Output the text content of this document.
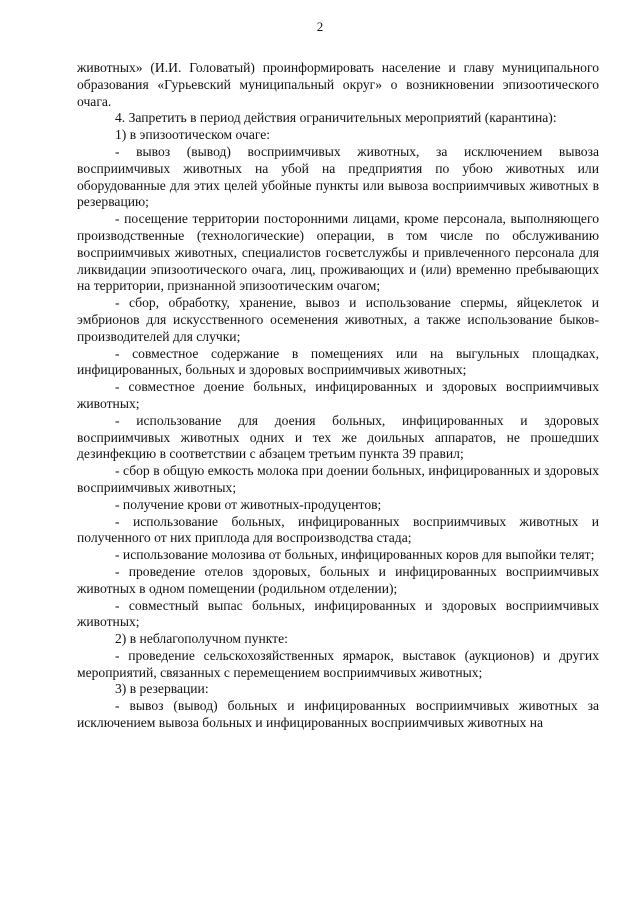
2

животных» (И.И. Головатый) проинформировать население и главу муниципального образования «Гурьевский муниципальный округ» о возникновении эпизоотического очага.

4. Запретить в период действия ограничительных мероприятий (карантина):

1) в эпизоотическом очаге:

- вывоз (вывод) восприимчивых животных, за исключением вывоза восприимчивых животных на убой на предприятия по убою животных или оборудованные для этих целей убойные пункты или вывоза восприимчивых животных в резервацию;

- посещение территории посторонними лицами, кроме персонала, выполняющего производственные (технологические) операции, в том числе по обслуживанию восприимчивых животных, специалистов госветслужбы и привлеченного персонала для ликвидации эпизоотического очага, лиц, проживающих и (или) временно пребывающих на территории, признанной эпизоотическим очагом;

- сбор, обработку, хранение, вывоз и использование спермы, яйцеклеток и эмбрионов для искусственного осеменения животных, а также использование быков-производителей для случки;

- совместное содержание в помещениях или на выгульных площадках, инфицированных, больных и здоровых восприимчивых животных;

- совместное доение больных, инфицированных и здоровых восприимчивых животных;

- использование для доения больных, инфицированных и здоровых восприимчивых животных одних и тех же доильных аппаратов, не прошедших дезинфекцию в соответствии с абзацем третьим пункта 39 правил;

- сбор в общую емкость молока при доении больных, инфицированных и здоровых восприимчивых животных;

- получение крови от животных-продуцентов;

- использование больных, инфицированных восприимчивых животных и полученного от них приплода для воспроизводства стада;

- использование молозива от больных, инфицированных коров для выпойки телят;

- проведение отелов здоровых, больных и инфицированных восприимчивых животных в одном помещении (родильном отделении);

- совместный выпас больных, инфицированных и здоровых восприимчивых животных;

2) в неблагополучном пункте:

- проведение сельскохозяйственных ярмарок, выставок (аукционов) и других мероприятий, связанных с перемещением восприимчивых животных;

3) в резервации:

- вывоз (вывод) больных и инфицированных восприимчивых животных за исключением вывоза больных и инфицированных восприимчивых животных на
